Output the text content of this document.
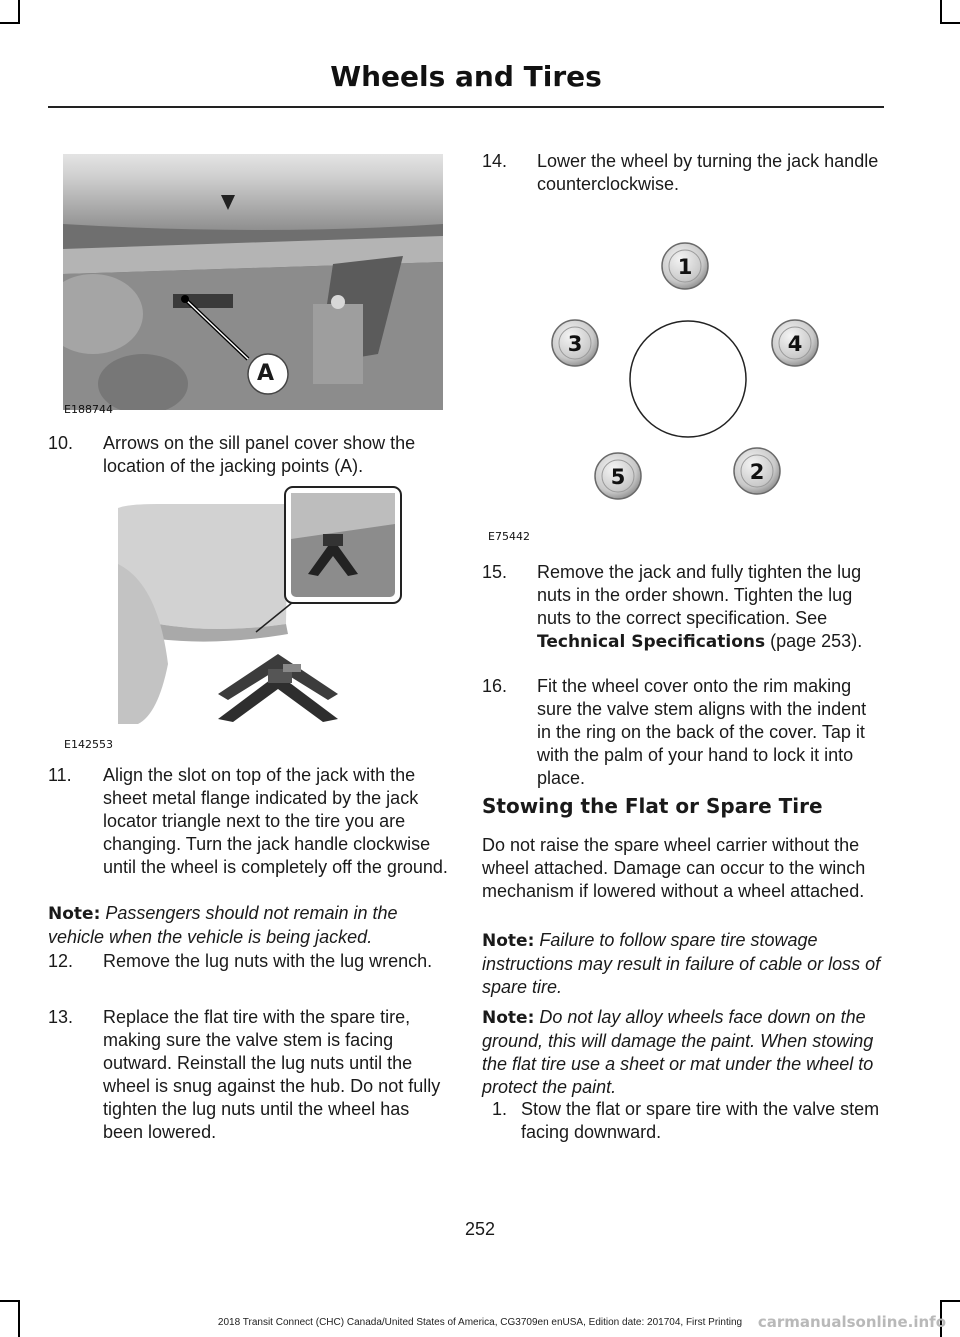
Wheels and Tires
A
E188744
10. Arrows on the sill panel cover show the location of the jacking points (A).
E142553
11. Align the slot on top of the jack with the sheet metal flange indicated by the jack locator triangle next to the tire you are changing. Turn the jack handle clockwise until the wheel is completely off the ground.
Note: Passengers should not remain in the vehicle when the vehicle is being jacked.
12. Remove the lug nuts with the lug wrench.
13. Replace the flat tire with the spare tire, making sure the valve stem is facing outward. Reinstall the lug nuts until the wheel is snug against the hub. Do not fully tighten the lug nuts until the wheel has been lowered.
14. Lower the wheel by turning the jack handle counterclockwise.
1
2
3	4
5
E75442
15. Remove the jack and fully tighten the lug nuts in the order shown. Tighten the lug nuts to the correct specification. See Technical Specifications (page 253).
16. Fit the wheel cover onto the rim making sure the valve stem aligns with the indent in the ring on the back of the cover. Tap it with the palm of your hand to lock it into place.
Stowing the Flat or Spare Tire
Do not raise the spare wheel carrier without the wheel attached. Damage can occur to the winch mechanism if lowered without a wheel attached.
Note: Failure to follow spare tire stowage instructions may result in failure of cable or loss of spare tire.
Note: Do not lay alloy wheels face down on the ground, this will damage the paint. When stowing the flat tire use a sheet or mat under the wheel to protect the paint.
1. Stow the flat or spare tire with the valve stem facing downward.
252
2018 Transit Connect (CHC) Canada/United States of America, CG3709en enUSA, Edition date: 201704, First Printing	carmanualsonline.info
